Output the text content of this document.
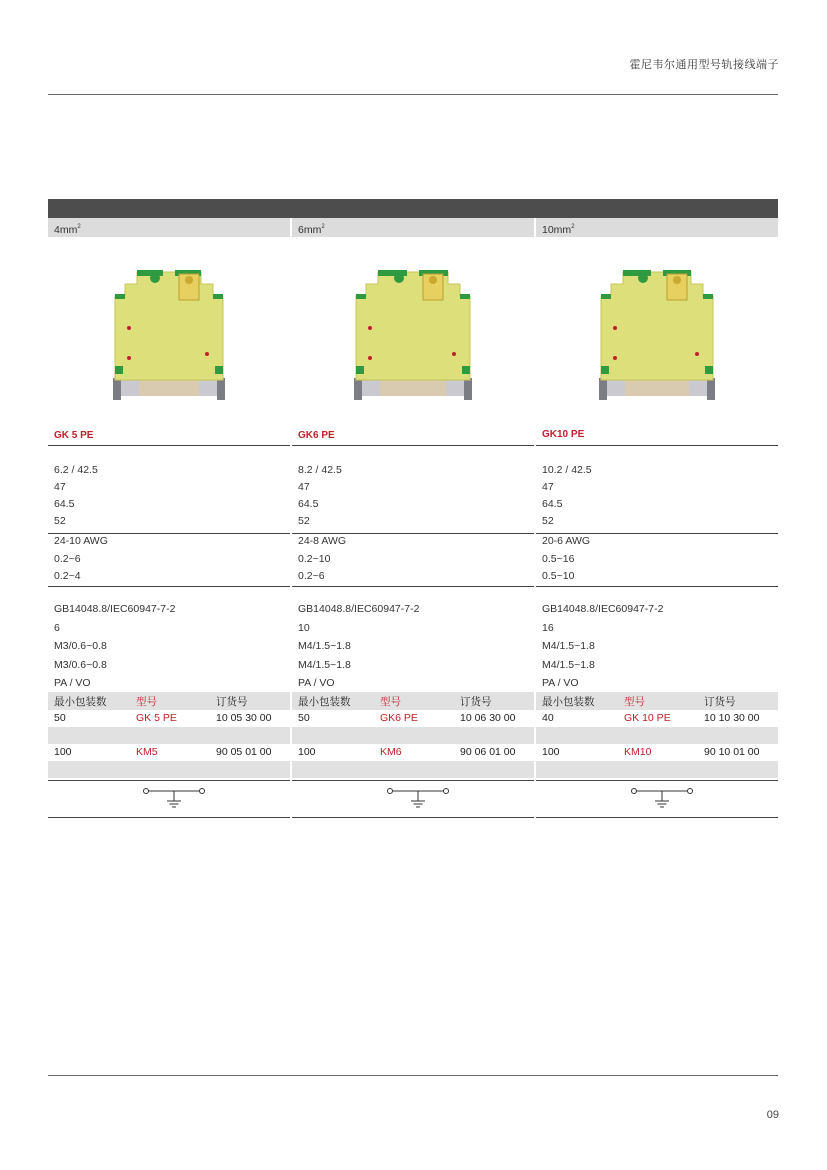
霍尼韦尔通用型号轨接线端子
$4mm^2$
GK 5 PE
6.2 / 42.5
47
64.5
52
24-10 AWG
0.2~6
0.2~4
GB14048.8/IEC60947-7-2
6
M3/0.6~0.8
M3/0.6~0.8
PA / VO
最小包装数	型号	订货号
50	GK 5 PE	10 05 30 00
100	KM5	90 05 01 00
$6mm^2$
GK6 PE
8.2 / 42.5
47
64.5
52
24-8 AWG
0.2~10
0.2~6
GB14048.8/IEC60947-7-2
10
M4/1.5~1.8
M4/1.5~1.8
PA / VO
最小包装数	型号	订货号
50	GK6 PE	10 06 30 00
100	KM6	90 06 01 00
$10mm^2$
GK10 PE
10.2 / 42.5
47
64.5
52
20-6 AWG
0.5~16
0.5~10
GB14048.8/IEC60947-7-2
16
M4/1.5~1.8
M4/1.5~1.8
PA / VO
最小包装数	型号	订货号
40	GK 10 PE	10 10 30 00
100	KM10	90 10 01 00
09
